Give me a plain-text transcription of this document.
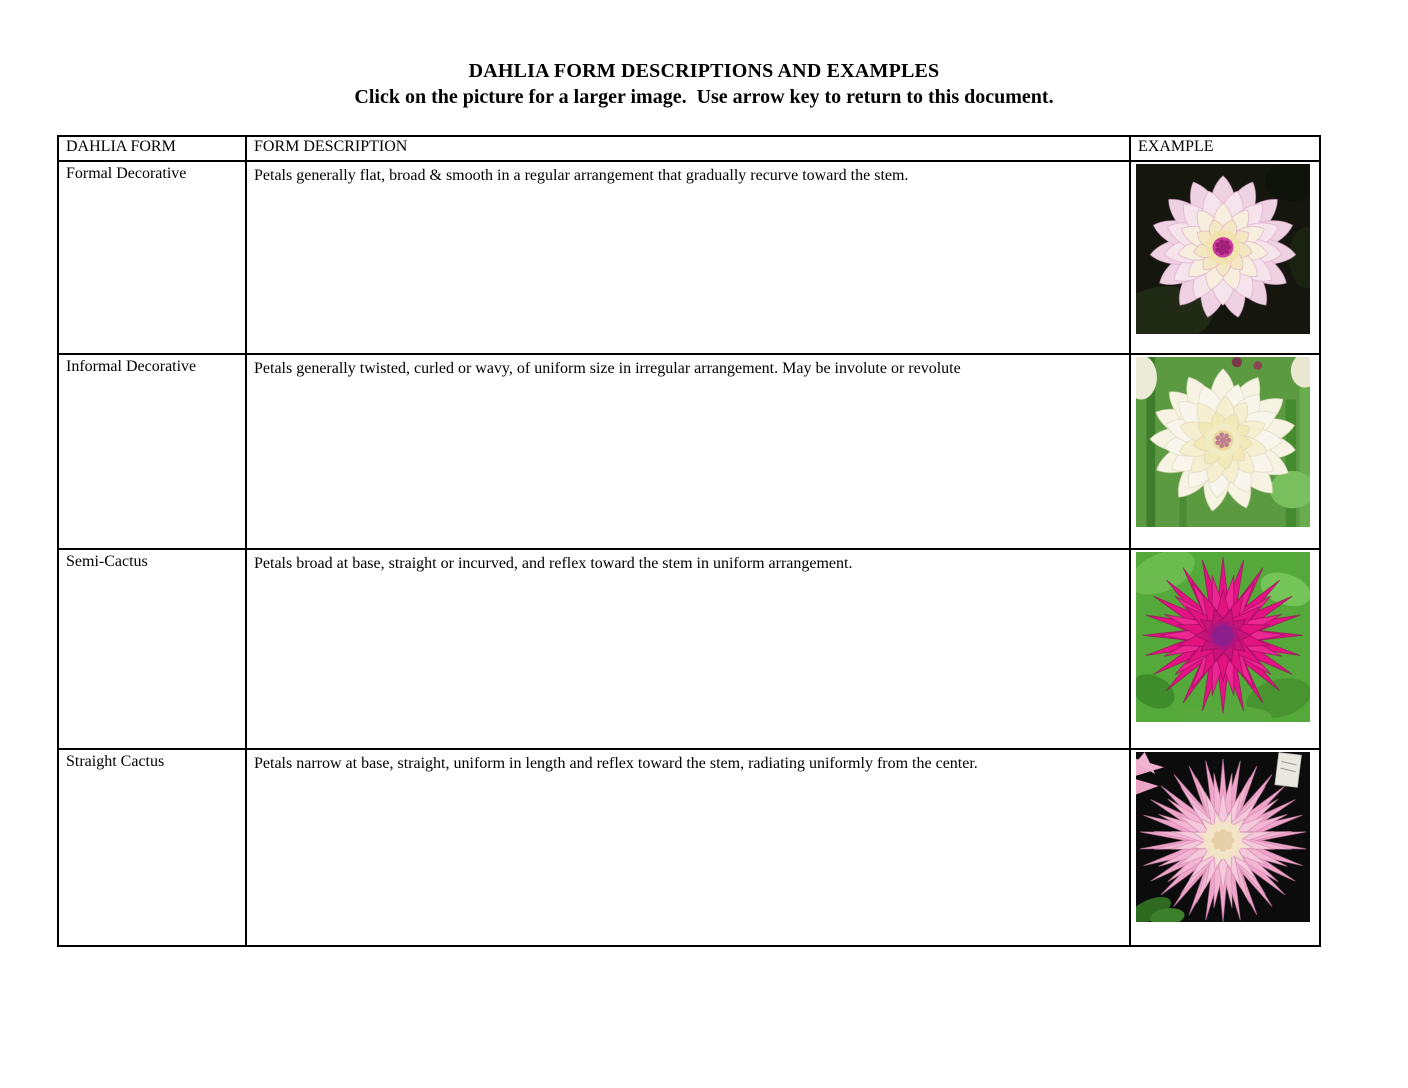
DAHLIA FORM DESCRIPTIONS AND EXAMPLES
Click on the picture for a larger image.  Use arrow key to return to this document.
DAHLIA FORM	FORM DESCRIPTION	EXAMPLE

Formal Decorative	Petals generally flat, broad & smooth in a regular arrangement that gradually recurve toward the stem.

Informal Decorative	Petals generally twisted, curled or wavy, of uniform size in irregular arrangement. May be involute or revolute

Semi-Cactus	Petals broad at base, straight or incurved, and reflex toward the stem in uniform arrangement.

Straight Cactus	Petals narrow at base, straight, uniform in length and reflex toward the stem, radiating uniformly from the center.
